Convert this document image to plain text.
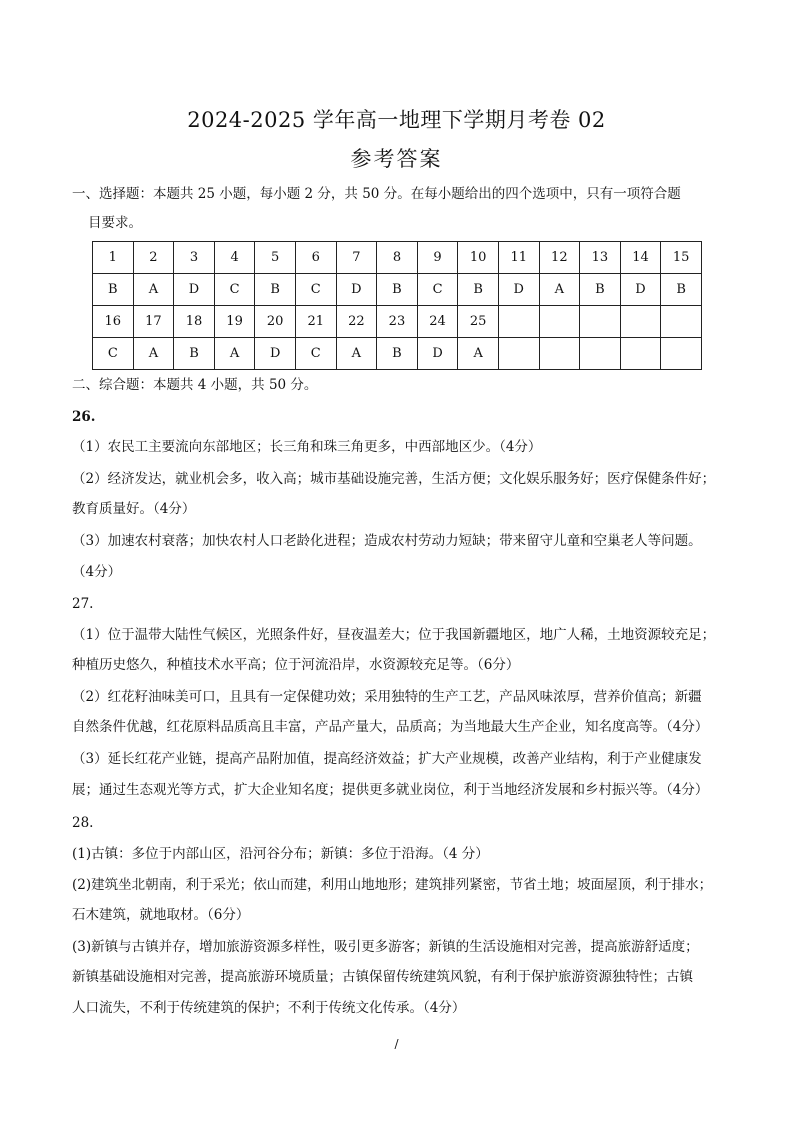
2024-2025 学年高一地理下学期月考卷 02
参考答案
一、选择题：本题共 25 小题，每小题 2 分，共 50 分。在每小题给出的四个选项中，只有一项符合题
目要求。
1	2	3	4	5	6	7	8	9	10	11	12	13	14	15
B	A	D	C	B	C	D	B	C	B	D	A	B	D	B
16	17	18	19	20	21	22	23	24	25					
C	A	B	A	D	C	A	B	D	A					
二、综合题：本题共 4 小题，共 50 分。
26.
（1）农民工主要流向东部地区；长三角和珠三角更多，中西部地区少。（4分）
（2）经济发达，就业机会多，收入高；城市基础设施完善，生活方便；文化娱乐服务好；医疗保健条件好；
教育质量好。（4分）
（3）加速农村衰落；加快农村人口老龄化进程；造成农村劳动力短缺；带来留守儿童和空巢老人等问题。
（4分）
27.
（1）位于温带大陆性气候区，光照条件好，昼夜温差大；位于我国新疆地区，地广人稀，土地资源较充足；
种植历史悠久，种植技术水平高；位于河流沿岸，水资源较充足等。（6分）
（2）红花籽油味美可口，且具有一定保健功效；采用独特的生产工艺，产品风味浓厚，营养价值高；新疆
自然条件优越，红花原料品质高且丰富，产品产量大，品质高；为当地最大生产企业，知名度高等。（4分）
（3）延长红花产业链，提高产品附加值，提高经济效益；扩大产业规模，改善产业结构，利于产业健康发
展；通过生态观光等方式，扩大企业知名度；提供更多就业岗位，利于当地经济发展和乡村振兴等。（4分）
28.
(1)古镇：多位于内部山区，沿河谷分布；新镇：多位于沿海。（4 分）
(2)建筑坐北朝南，利于采光；依山而建，利用山地地形；建筑排列紧密，节省土地；坡面屋顶，利于排水；
石木建筑，就地取材。（6分）
(3)新镇与古镇并存，增加旅游资源多样性，吸引更多游客；新镇的生活设施相对完善，提高旅游舒适度；
新镇基础设施相对完善，提高旅游环境质量；古镇保留传统建筑风貌，有利于保护旅游资源独特性；古镇
人口流失，不利于传统建筑的保护；不利于传统文化传承。（4分）
/
